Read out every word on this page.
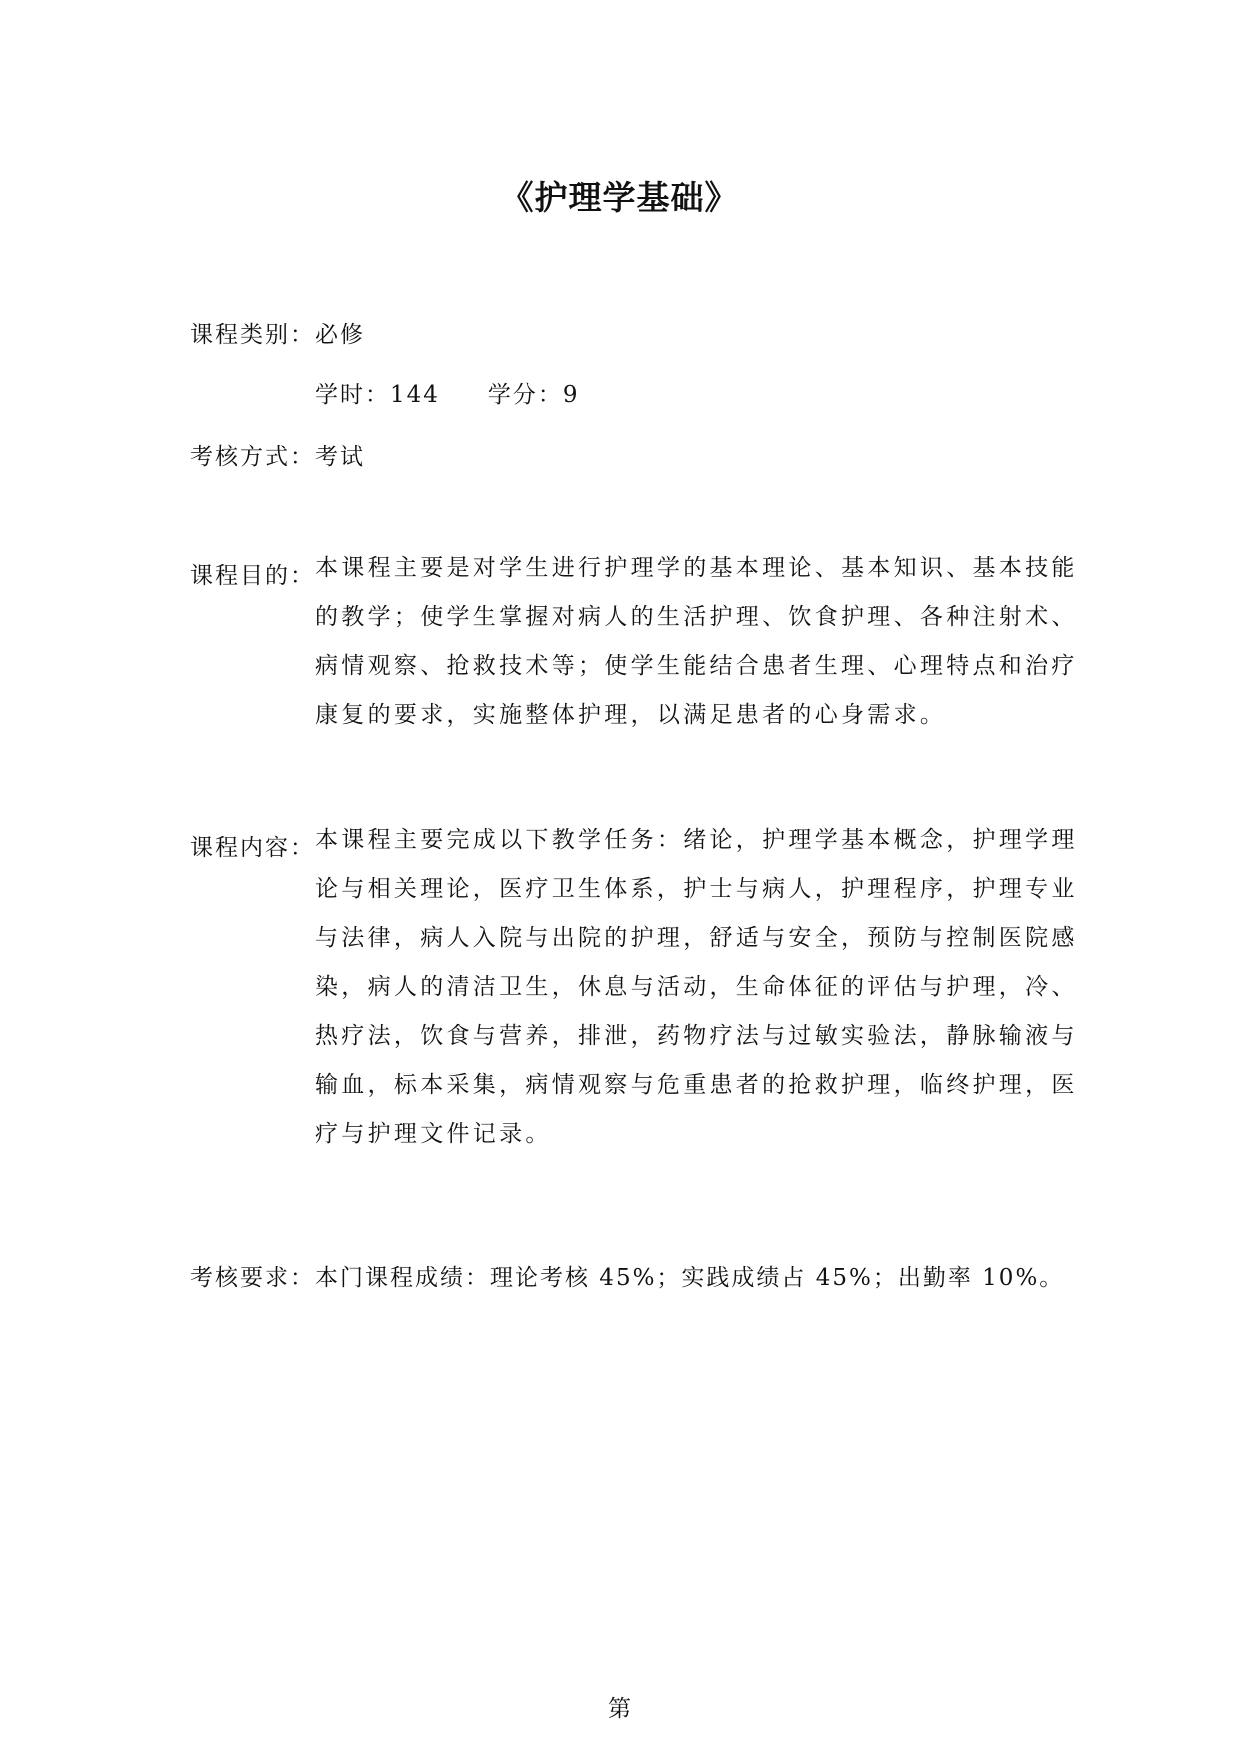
《护理学基础》
课程类别：必修
学时：144 学分：9
考核方式：考试
课程目的： 本课程主要是对学生进行护理学的基本理论、基本知识、基本技能
的教学；使学生掌握对病人的生活护理、饮食护理、各种注射术、
病情观察、抢救技术等；使学生能结合患者生理、心理特点和治疗
康复的要求，实施整体护理，以满足患者的心身需求。
课程内容： 本课程主要完成以下教学任务：绪论，护理学基本概念，护理学理
论与相关理论，医疗卫生体系，护士与病人，护理程序，护理专业
与法律，病人入院与出院的护理，舒适与安全，预防与控制医院感
染，病人的清洁卫生，休息与活动，生命体征的评估与护理，冷、
热疗法，饮食与营养，排泄，药物疗法与过敏实验法，静脉输液与
输血，标本采集，病情观察与危重患者的抢救护理，临终护理，医
疗与护理文件记录。
考核要求：本门课程成绩：理论考核 45%；实践成绩占 45%；出勤率 10%。
第
